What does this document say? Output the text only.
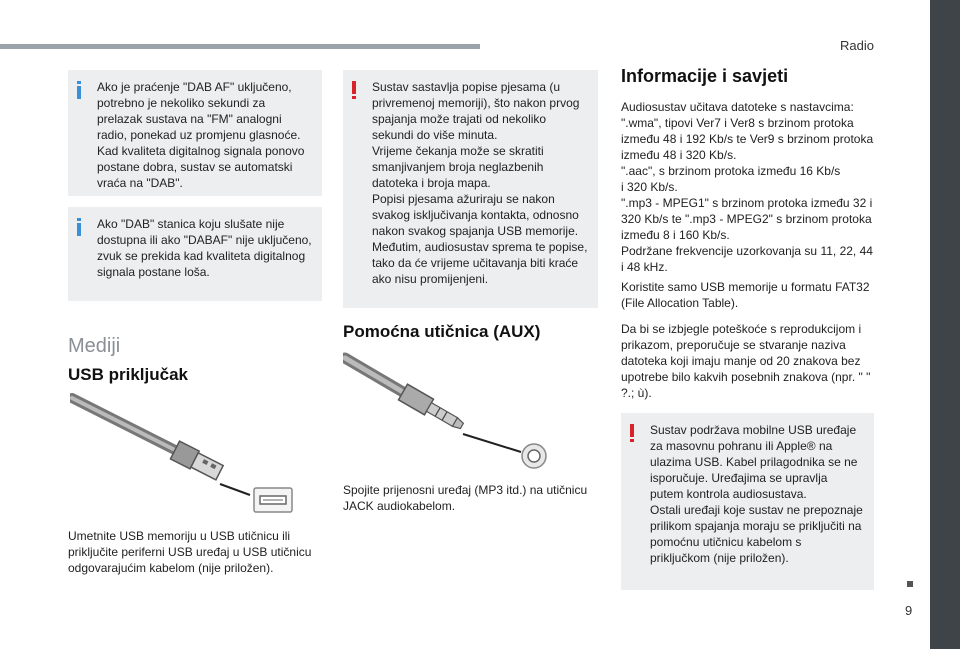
Radio
9
Ako je praćenje "DAB AF" uključeno, potrebno je nekoliko sekundi za prelazak sustava na "FM" analogni radio, ponekad uz promjenu glasnoće.
Kad kvaliteta digitalnog signala ponovo postane dobra, sustav se automatski vraća na "DAB".
Ako "DAB" stanica koju slušate nije dostupna ili ako "DABAF" nije uključeno, zvuk se prekida kad kvaliteta digitalnog signala postane loša.
Mediji
USB priključak
Umetnite USB memoriju u USB utičnicu ili priključite periferni USB uređaj u USB utičnicu odgovarajućim kabelom (nije priložen).
Sustav sastavlja popise pjesama (u privremenoj memoriji), što nakon prvog spajanja može trajati od nekoliko sekundi do više minuta.
Vrijeme čekanja može se skratiti smanjivanjem broja neglazbenih datoteka i broja mapa.
Popisi pjesama ažuriraju se nakon svakog isključivanja kontakta, odnosno nakon svakog spajanja USB memorije. Međutim, audiosustav sprema te popise, tako da će vrijeme učitavanja biti kraće ako nisu promijenjeni.
Pomoćna utičnica (AUX)
Spojite prijenosni uređaj (MP3 itd.) na utičnicu JACK audiokabelom.
Informacije i savjeti
Audiosustav učitava datoteke s nastavcima:
".wma", tipovi Ver7 i Ver8 s brzinom protoka između 48 i 192 Kb/s te Ver9 s brzinom protoka između 48 i 320 Kb/s.
".aac", s brzinom protoka između 16 Kb/s
i 320 Kb/s.
".mp3 - MPEG1" s brzinom protoka između 32 i 320 Kb/s te ".mp3 - MPEG2" s brzinom protoka između 8 i 160 Kb/s.
Podržane frekvencije uzorkovanja su 11, 22, 44 i 48 kHz.
Koristite samo USB memorije u formatu FAT32 (File Allocation Table).
Da bi se izbjegle poteškoće s reprodukcijom i prikazom, preporučuje se stvaranje naziva datoteka koji imaju manje od 20 znakova bez upotrebe bilo kakvih posebnih znakova (npr. " " ?.; ù).
Sustav podržava mobilne USB uređaje za masovnu pohranu ili Apple® na ulazima USB. Kabel prilagodnika se ne isporučuje. Uređajima se upravlja putem kontrola audiosustava.
Ostali uređaji koje sustav ne prepoznaje prilikom spajanja moraju se priključiti na pomoćnu utičnicu kabelom s priključkom (nije priložen).
